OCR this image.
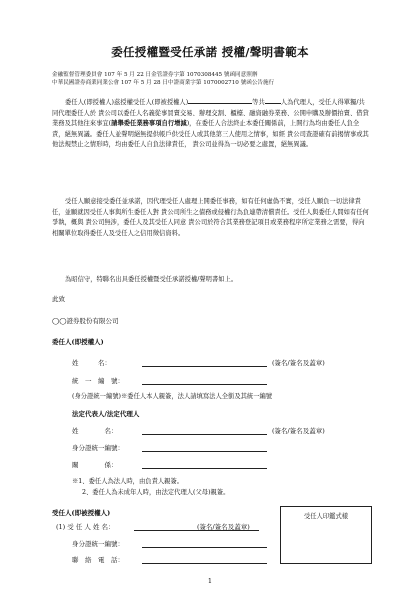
委任授權暨受任承諾 授權/聲明書範本
金融監督管理委員會 107 年 5 月 22 日金管證券字第 1070308445 號函同意照辦
中華民國證券商業同業公會 107 年 5 月 28 日中證商業字第 1070002710 號函公告施行
委任人(即授權人)茲授權受任人(即被授權人)	等共	人為代理人，受任人得單獨/共同代理委任人於 貴公司以委任人名義從事買賣交易、辦理交割、櫃檯、融資融券業務、公開申購及辦價拍賣、借貸業務及其他往來事宜(請舉委任業務事項自行增減)，在委任人合法終止本委任關係前，上開行為均由委任人負全責，絕無異議。委任人並聲明絕無提供帳戶供受任人或其他第三人使用之情事，如經 貴公司查證確有前揭情事或其他法規禁止之情形時，均由委任人自負法律責任， 貴公司並得為一切必要之處置，絕無異議。
受任人願意接受委任並承諾，因代理受任人處理上開委任事務，如有任何虛偽不實，受任人願負一切法律責任，並願就因受任人事與所生委任人對 貴公司所生之債務或侵權行為負連帶清償責任。受任人與委任人間如有任何爭執，概與 貴公司無涉，委任人及其受任人同意 貴公司於符合其業務登記項目或業務程序所定業務之需要，得向相關單位取得委任人及受任人之信用徵信資料。
為昭信守，特聯名出具委任授權暨受任承諾授權/聲明書如上。
此致
◯◯證券股份有限公司
委任人(即授權人)
姓　　　名：	(簽名/簽名及蓋章)
統　一　編　號：
(身分證統一編號)※委任人本人親簽，法人請填寫法人全銜及其統一編號
法定代表人/法定代理人
姓　　　　名：	(簽名/簽名及蓋章)
身分證統一編號：
關　　　　係：
※1、委任人為法人時，由負責人親簽。
2、委任人為未成年人時，由法定代理人(父母)親簽。
受任人(即被授權人)
(1) 受 任 人 姓 名：	(簽名/簽名及蓋章)
身分證統一編號：
聯　絡　電　話：
受任人印鑑式樣
1
